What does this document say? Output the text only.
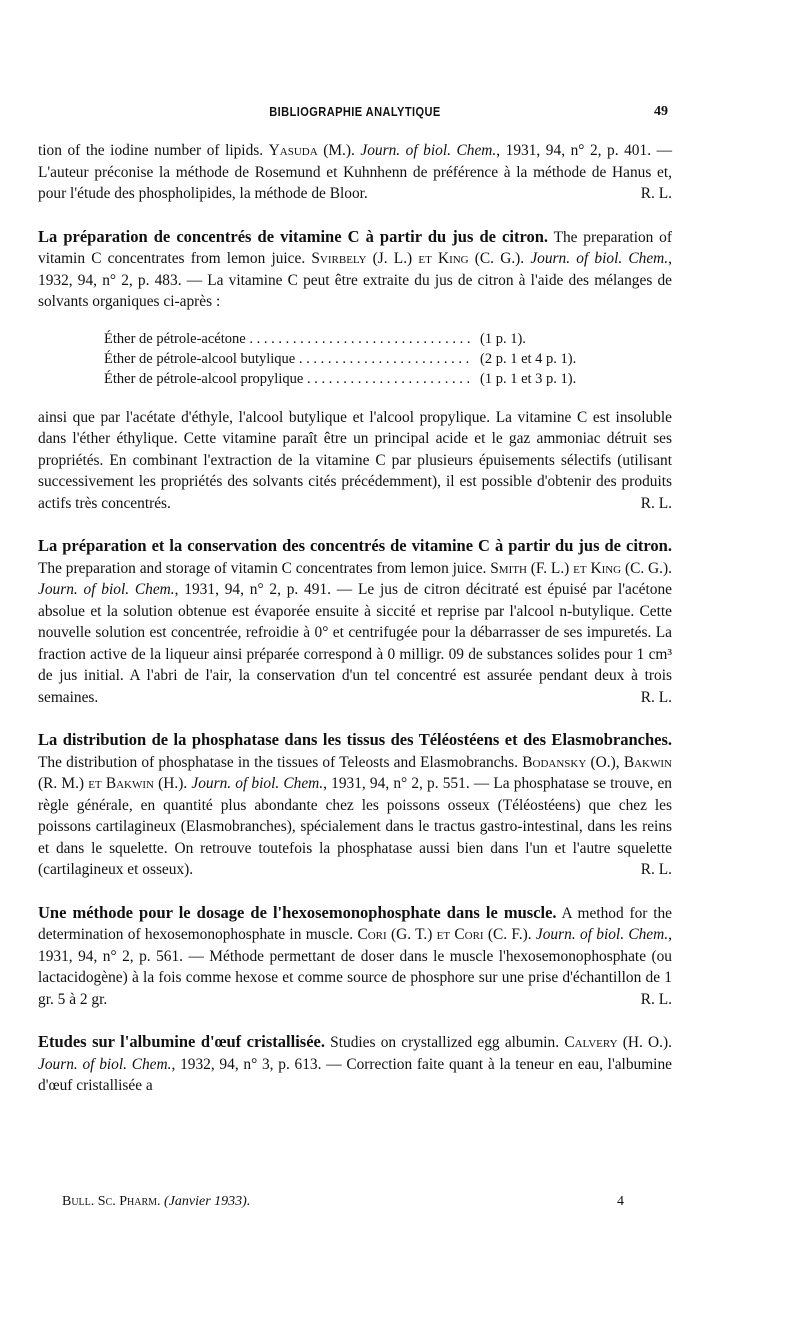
BIBLIOGRAPHIE ANALYTIQUE	49

tion of the iodine number of lipids. Yasuda (M.). Journ. of biol. Chem., 1931, 94, n° 2, p. 401. — L'auteur préconise la méthode de Rosemund et Kuhnhenn de préférence à la méthode de Hanus et, pour l'étude des phospholipides, la méthode de Bloor.	R. L.

La préparation de concentrés de vitamine C à partir du jus de citron. The preparation of vitamin C concentrates from lemon juice. Svirbely (J. L.) et King (C. G.). Journ. of biol. Chem., 1932, 94, n° 2, p. 483. — La vitamine C peut être extraite du jus de citron à l'aide des mélanges de solvants organiques ci-après :

Éther de pétrole-acétone . . .	(1 p. 1).
Éther de pétrole-alcool butylique . . .	(2 p. 1 et 4 p. 1).
Éther de pétrole-alcool propylique . . .	(1 p. 1 et 3 p. 1).

ainsi que par l'acétate d'éthyle, l'alcool butylique et l'alcool propylique. La vitamine C est insoluble dans l'éther éthylique. Cette vitamine paraît être un principal acide et le gaz ammoniac détruit ses propriétés. En combinant l'extraction de la vitamine C par plusieurs épuisements sélectifs (utilisant successivement les propriétés des solvants cités précédemment), il est possible d'obtenir des produits actifs très concentrés.	R. L.

La préparation et la conservation des concentrés de vitamine C à partir du jus de citron. The preparation and storage of vitamin C concentrates from lemon juice. Smith (F. L.) et King (C. G.). Journ. of biol. Chem., 1931, 94, n° 2, p. 491. — Le jus de citron décitraté est épuisé par l'acétone absolue et la solution obtenue est évaporée ensuite à siccité et reprise par l'alcool n-butylique. Cette nouvelle solution est concentrée, refroidie à 0° et centrifugée pour la débarrasser de ses impuretés. La fraction active de la liqueur ainsi préparée correspond à 0 milligr. 09 de substances solides pour 1 cm³ de jus initial. A l'abri de l'air, la conservation d'un tel concentré est assurée pendant deux à trois semaines.	R. L.

La distribution de la phosphatase dans les tissus des Téléostéens et des Elasmobranches. The distribution of phosphatase in the tissues of Teleosts and Elasmobranchs. Bodansky (O.), Bakwin (R. M.) et Bakwin (H.). Journ. of biol. Chem., 1931, 94, n° 2, p. 551. — La phosphatase se trouve, en règle générale, en quantité plus abondante chez les poissons osseux (Téléostéens) que chez les poissons cartilagineux (Elasmobranches), spécialement dans le tractus gastro-intestinal, dans les reins et dans le squelette. On retrouve toutefois la phosphatase aussi bien dans l'un et l'autre squelette (cartilagineux et osseux).	R. L.

Une méthode pour le dosage de l'hexosemonophosphate dans le muscle. A method for the determination of hexosemonophosphate in muscle. Cori (G. T.) et Cori (C. F.). Journ. of biol. Chem., 1931, 94, n° 2, p. 561. — Méthode permettant de doser dans le muscle l'hexosemonophosphate (ou lactacidogène) à la fois comme hexose et comme source de phosphore sur une prise d'échantillon de 1 gr. 5 à 2 gr.	R. L.

Etudes sur l'albumine d'œuf cristallisée. Studies on crystallized egg albumin. Calvery (H. O.). Journ. of biol. Chem., 1932, 94, n° 3, p. 613. — Correction faite quant à la teneur en eau, l'albumine d'œuf cristallisée a

Bull. Sc. Pharm. (Janvier 1933).	4
